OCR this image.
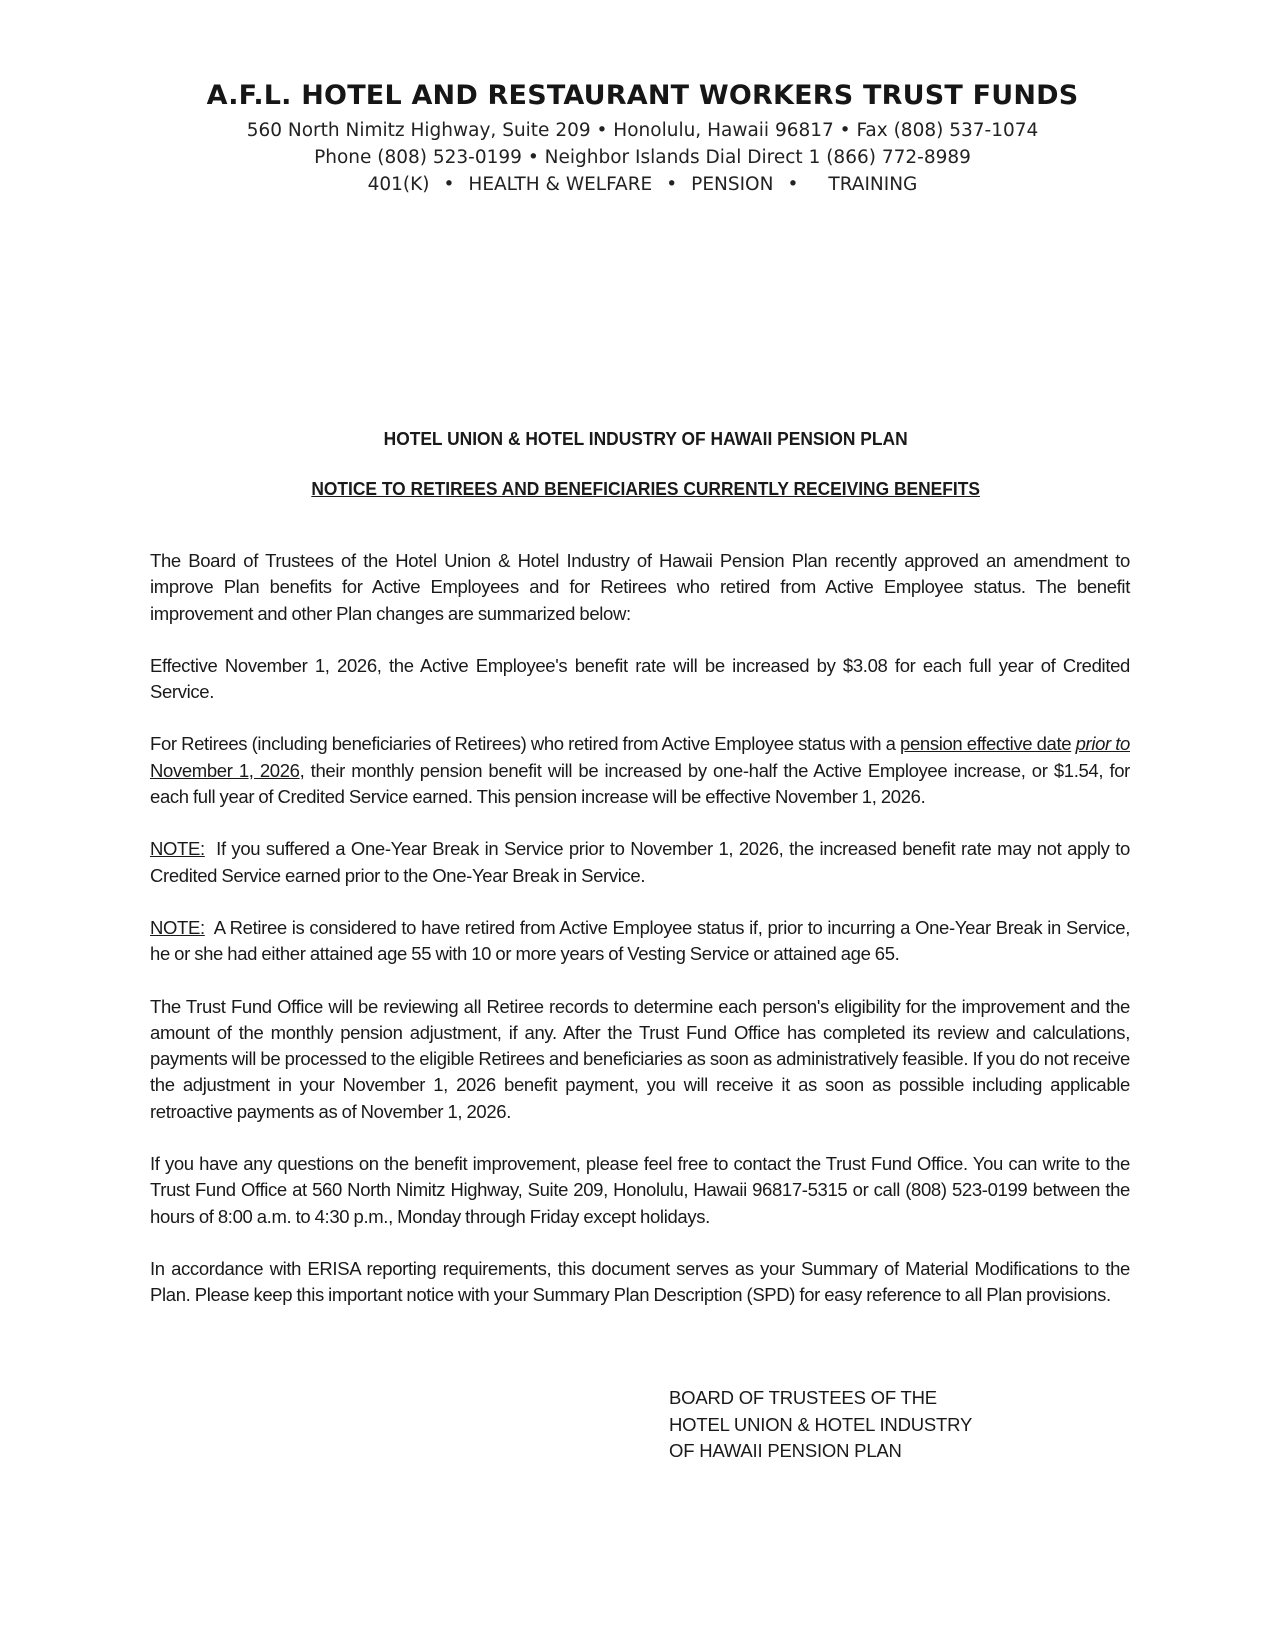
A.F.L. HOTEL AND RESTAURANT WORKERS TRUST FUNDS
560 North Nimitz Highway, Suite 209 • Honolulu, Hawaii 96817 • Fax (808) 537-1074
Phone (808) 523-0199 • Neighbor Islands Dial Direct 1 (866) 772-8989
401(K) • HEALTH & WELFARE • PENSION • TRAINING
HOTEL UNION & HOTEL INDUSTRY OF HAWAII PENSION PLAN
NOTICE TO RETIREES AND BENEFICIARIES CURRENTLY RECEIVING BENEFITS

The Board of Trustees of the Hotel Union & Hotel Industry of Hawaii Pension Plan recently approved an amendment to improve Plan benefits for Active Employees and for Retirees who retired from Active Employee status. The benefit improvement and other Plan changes are summarized below:

Effective November 1, 2026, the Active Employee's benefit rate will be increased by $3.08 for each full year of Credited Service.

For Retirees (including beneficiaries of Retirees) who retired from Active Employee status with a pension effective date prior to November 1, 2026, their monthly pension benefit will be increased by one-half the Active Employee increase, or $1.54, for each full year of Credited Service earned. This pension increase will be effective November 1, 2026.

NOTE:  If you suffered a One-Year Break in Service prior to November 1, 2026, the increased benefit rate may not apply to Credited Service earned prior to the One-Year Break in Service.

NOTE:  A Retiree is considered to have retired from Active Employee status if, prior to incurring a One-Year Break in Service, he or she had either attained age 55 with 10 or more years of Vesting Service or attained age 65.

The Trust Fund Office will be reviewing all Retiree records to determine each person's eligibility for the improvement and the amount of the monthly pension adjustment, if any. After the Trust Fund Office has completed its review and calculations, payments will be processed to the eligible Retirees and beneficiaries as soon as administratively feasible. If you do not receive the adjustment in your November 1, 2026 benefit payment, you will receive it as soon as possible including applicable retroactive payments as of November 1, 2026.

If you have any questions on the benefit improvement, please feel free to contact the Trust Fund Office. You can write to the Trust Fund Office at 560 North Nimitz Highway, Suite 209, Honolulu, Hawaii 96817-5315 or call (808) 523-0199 between the hours of 8:00 a.m. to 4:30 p.m., Monday through Friday except holidays.

In accordance with ERISA reporting requirements, this document serves as your Summary of Material Modifications to the Plan. Please keep this important notice with your Summary Plan Description (SPD) for easy reference to all Plan provisions.

BOARD OF TRUSTEES OF THE
HOTEL UNION & HOTEL INDUSTRY
OF HAWAII PENSION PLAN
